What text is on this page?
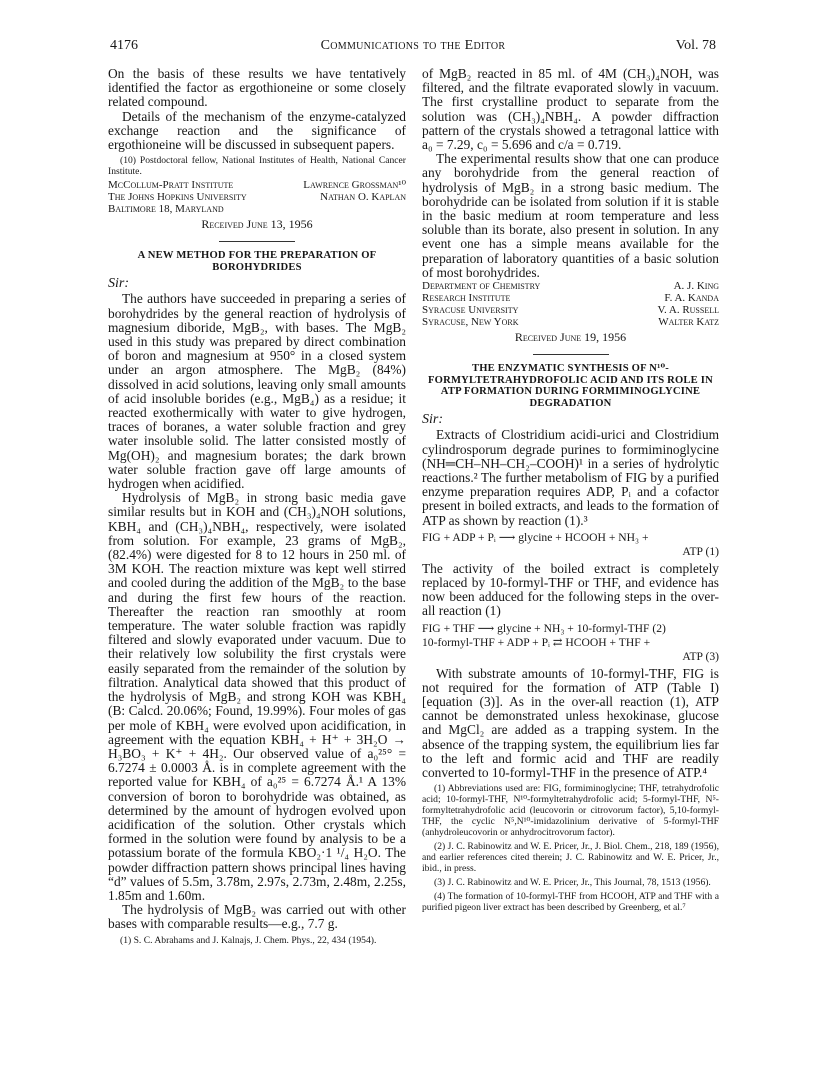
4176	Communications to the Editor	Vol. 78

On the basis of these results we have tentatively identified the factor as ergothioneine or some closely related compound.

Details of the mechanism of the enzyme-catalyzed exchange reaction and the significance of ergothioneine will be discussed in subsequent papers.

(10) Postdoctoral fellow, National Institutes of Health, National Cancer Institute.
McCollum-Pratt Institute
The Johns Hopkins University
Baltimore 18, Maryland
Lawrence Grossman¹⁰
Nathan O. Kaplan
Received June 13, 1956
A NEW METHOD FOR THE PREPARATION OF BOROHYDRIDES
Sir:

The authors have succeeded in preparing a series of borohydrides by the general reaction of hydrolysis of magnesium diboride, MgB₂, with bases. The MgB₂ used in this study was prepared by direct combination of boron and magnesium at 950° in a closed system under an argon atmosphere. The MgB₂ (84%) dissolved in acid solutions, leaving only small amounts of acid insoluble borides (e.g., MgB₄) as a residue; it reacted exothermically with water to give hydrogen, traces of boranes, a water soluble fraction and grey water insoluble solid. The latter consisted mostly of Mg(OH)₂ and magnesium borates; the dark brown water soluble fraction gave off large amounts of hydrogen when acidified.

Hydrolysis of MgB₂ in strong basic media gave similar results but in KOH and (CH₃)₄NOH solutions, KBH₄ and (CH₃)₄NBH₄, respectively, were isolated from solution. For example, 23 grams of MgB₂, (82.4%) were digested for 8 to 12 hours in 250 ml. of 3M KOH. The reaction mixture was kept well stirred and cooled during the addition of the MgB₂ to the base and during the first few hours of the reaction. Thereafter the reaction ran smoothly at room temperature. The water soluble fraction was rapidly filtered and slowly evaporated under vacuum. Due to their relatively low solubility the first crystals were easily separated from the remainder of the solution by filtration. Analytical data showed that this product of the hydrolysis of MgB₂ and strong KOH was KBH₄ (B: Calcd. 20.06%; Found, 19.99%). Four moles of gas per mole of KBH₄ were evolved upon acidification, in agreement with the equation KBH₄ + H⁺ + 3H₂O → H₃BO₃ + K⁺ + 4H₂. Our observed value of a₀²⁵° = 6.7274 ± 0.0003 Å. is in complete agreement with the reported value for KBH₄ of a₀²⁵ = 6.7274 Å.¹ A 13% conversion of boron to borohydride was obtained, as determined by the amount of hydrogen evolved upon acidification of the solution. Other crystals which formed in the solution were found by analysis to be a potassium borate of the formula KBO₂·1 ¹/₄ H₂O. The powder diffraction pattern shows principal lines having “d” values of 5.5m, 3.78m, 2.97s, 2.73m, 2.48m, 2.25s, 1.85m and 1.60m.

The hydrolysis of MgB₂ was carried out with other bases with comparable results—e.g., 7.7 g.

(1) S. C. Abrahams and J. Kalnajs, J. Chem. Phys., 22, 434 (1954).

of MgB₂ reacted in 85 ml. of 4M (CH₃)₄NOH, was filtered, and the filtrate evaporated slowly in vacuum. The first crystalline product to separate from the solution was (CH₃)₄NBH₄. A powder diffraction pattern of the crystals showed a tetragonal lattice with a₀ = 7.29, c₀ = 5.696 and c/a = 0.719.

The experimental results show that one can produce any borohydride from the general reaction of hydrolysis of MgB₂ in a strong basic medium. The borohydride can be isolated from solution if it is stable in the basic medium at room temperature and less soluble than its borate, also present in solution. In any event one has a simple means available for the preparation of laboratory quantities of a basic solution of most borohydrides.

Department of Chemistry
Research Institute
Syracuse University
Syracuse, New York
A. J. King
F. A. Kanda
V. A. Russell
Walter Katz
Received June 19, 1956
THE ENZYMATIC SYNTHESIS OF N¹⁰-FORMYLTETRAHYDROFOLIC ACID AND ITS ROLE IN ATP FORMATION DURING FORMIMINOGLYCINE DEGRADATION
Sir:

Extracts of Clostridium acidi-urici and Clostridium cylindrosporum degrade purines to formiminoglycine (NH═CH–NH–CH₂–COOH)¹ in a series of hydrolytic reactions.² The further metabolism of FIG by a purified enzyme preparation requires ADP, Pᵢ and a cofactor present in boiled extracts, and leads to the formation of ATP as shown by reaction (1).³

FIG + ADP + Pᵢ ⟶ glycine + HCOOH + NH₃ +
ATP (1)

The activity of the boiled extract is completely replaced by 10-formyl-THF or THF, and evidence has now been adduced for the following steps in the over-all reaction (1)

FIG + THF ⟶ glycine + NH₃ + 10-formyl-THF (2)
10-formyl-THF + ADP + Pᵢ ⇄ HCOOH + THF +
ATP (3)

With substrate amounts of 10-formyl-THF, FIG is not required for the formation of ATP (Table I) [equation (3)]. As in the over-all reaction (1), ATP cannot be demonstrated unless hexokinase, glucose and MgCl₂ are added as a trapping system. In the absence of the trapping system, the equilibrium lies far to the left and formic acid and THF are readily converted to 10-formyl-THF in the presence of ATP.⁴

(1) Abbreviations used are: FIG, formiminoglycine; THF, tetrahydrofolic acid; 10-formyl-THF, N¹⁰-formyltetrahydrofolic acid; 5-formyl-THF, N⁵-formyltetrahydrofolic acid (leucovorin or citrovorum factor), 5,10-formyl-THF, the cyclic N⁵,N¹⁰-imidazolinium derivative of 5-formyl-THF (anhydroleucovorin or anhydrocitrovorum factor).
(2) J. C. Rabinowitz and W. E. Pricer, Jr., J. Biol. Chem., 218, 189 (1956), and earlier references cited therein; J. C. Rabinowitz and W. E. Pricer, Jr., ibid., in press.
(3) J. C. Rabinowitz and W. E. Pricer, Jr., This Journal, 78, 1513 (1956).
(4) The formation of 10-formyl-THF from HCOOH, ATP and THF with a purified pigeon liver extract has been described by Greenberg, et al.⁷
